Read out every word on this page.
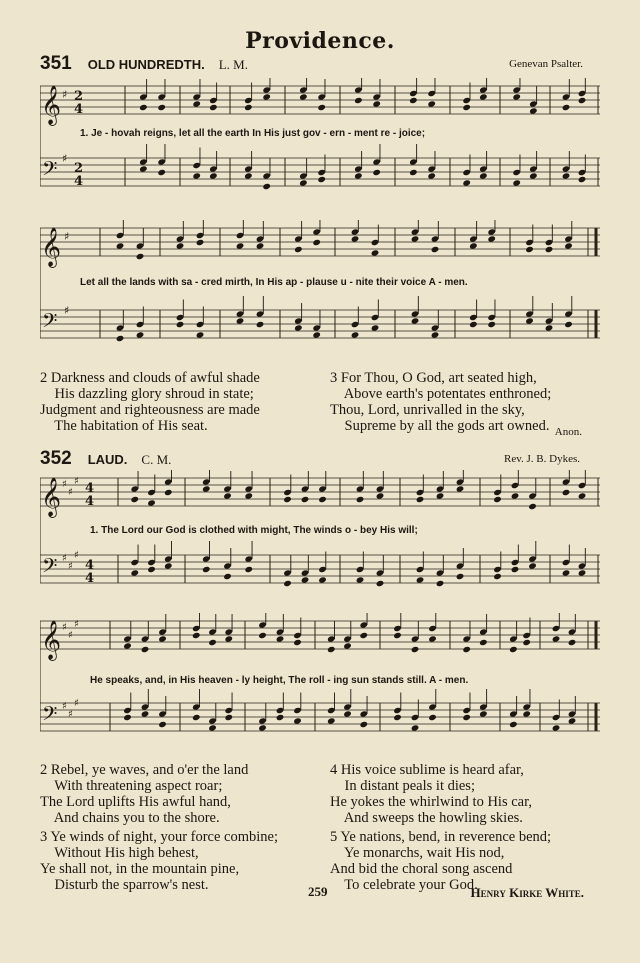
Providence.
351 OLD HUNDREDTH. L. M.	Genevan Psalter.
𝄞
𝄢
♯
♯
2
4
2
4
1. Je - hovah reigns, let all the earth In His just gov - ern - ment re - joice;
𝄞
𝄢
♯
♯
Let all the lands with sa - cred mirth, In His ap - plause u - nite their voice A - men.
2 Darkness and clouds of awful shade
His dazzling glory shroud in state;
Judgment and righteousness are made
The habitation of His seat.
3 For Thou, O God, art seated high,
Above earth's potentates enthroned;
Thou, Lord, unrivalled in the sky,
Supreme by all the gods art owned. Anon.
352 LAUD. C. M.	Rev. J. B. Dykes.
𝄞
𝄢
♯
♯
♯
♯
♯
♯
4
4
4
4
1. The Lord our God is clothed with might, The winds o - bey His will;
𝄞
𝄢
♯
♯
♯
♯
♯
♯
He speaks, and, in His heaven - ly height, The roll - ing sun stands still. A - men.
2 Rebel, ye waves, and o'er the land
With threatening aspect roar;
The Lord uplifts His awful hand,
And chains you to the shore.
4 His voice sublime is heard afar,
In distant peals it dies;
He yokes the whirlwind to His car,
And sweeps the howling skies.
3 Ye winds of night, your force combine;
Without His high behest,
Ye shall not, in the mountain pine,
Disturb the sparrow's nest.
5 Ye nations, bend, in reverence bend;
Ye monarchs, wait His nod,
And bid the choral song ascend
To celebrate your God.
259	Henry Kirke White.
